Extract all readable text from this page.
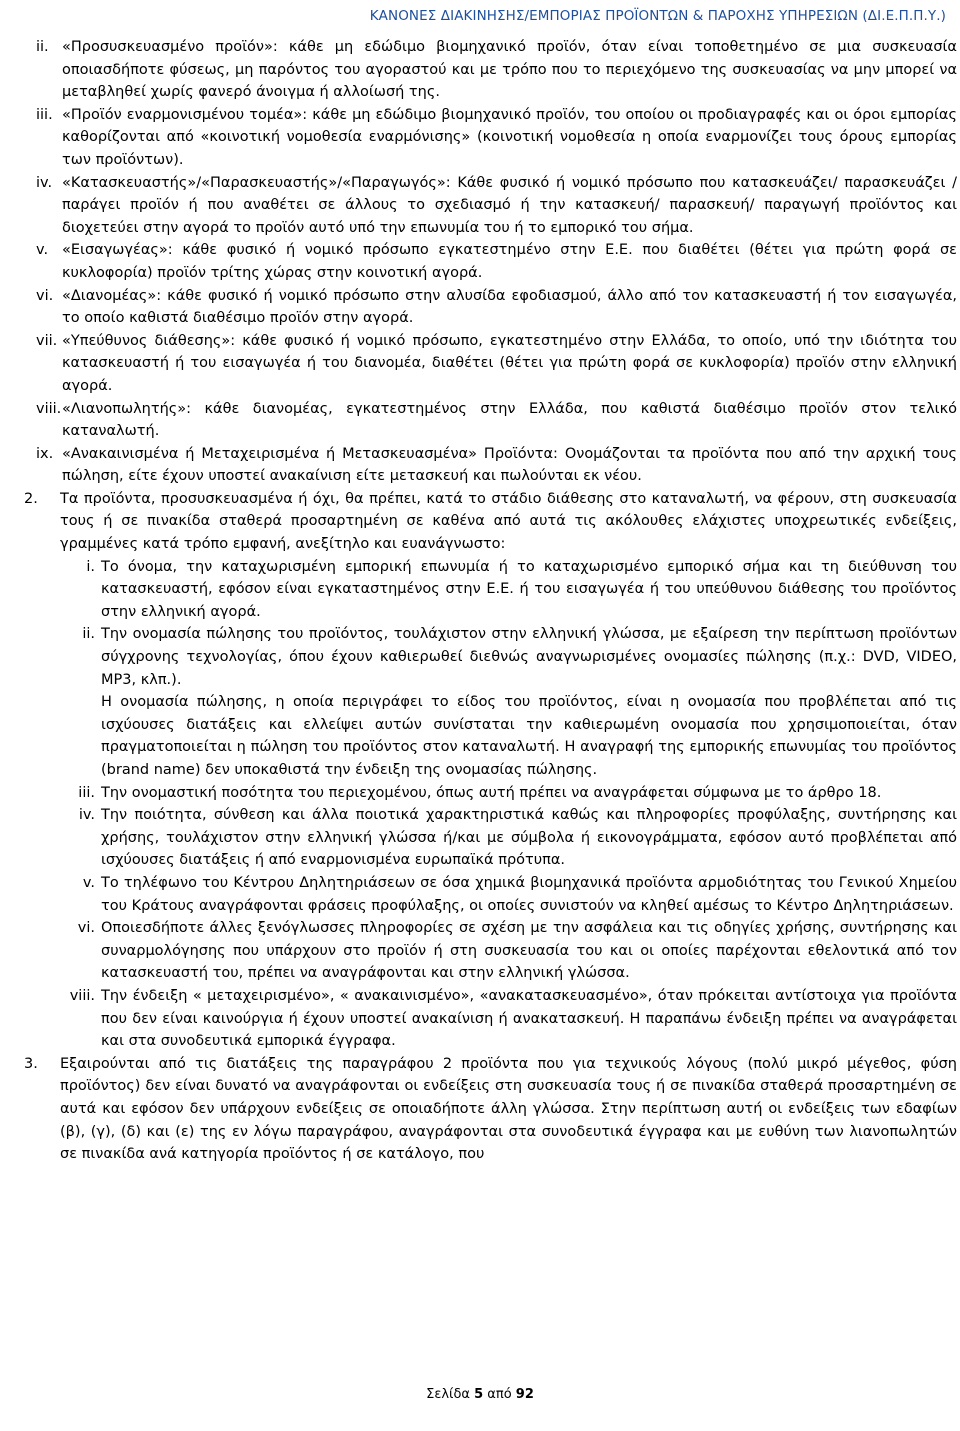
ΚΑΝΟΝΕΣ ΔΙΑΚΙΝΗΣΗΣ/ΕΜΠΟΡΙΑΣ ΠΡΟΪΟΝΤΩΝ & ΠΑΡΟΧΗΣ ΥΠΗΡΕΣΙΩΝ (ΔΙ.Ε.Π.Π.Υ.)
ii. «Προσυσκευασμένο προϊόν»: κάθε μη εδώδιμο βιομηχανικό προϊόν, όταν είναι τοποθετημένο σε μια συσκευασία οποιασδήποτε φύσεως, μη παρόντος του αγοραστού και με τρόπο που το περιεχόμενο της συσκευασίας να μην μπορεί να μεταβληθεί χωρίς φανερό άνοιγμα ή αλλοίωσή της.
iii. «Προϊόν εναρμονισμένου τομέα»: κάθε μη εδώδιμο βιομηχανικό προϊόν, του οποίου οι προδιαγραφές και οι όροι εμπορίας καθορίζονται από «κοινοτική νομοθεσία εναρμόνισης» (κοινοτική νομοθεσία η οποία εναρμονίζει τους όρους εμπορίας των προϊόντων).
iv. «Κατασκευαστής»/«Παρασκευαστής»/«Παραγωγός»: Κάθε φυσικό ή νομικό πρόσωπο που κατασκευάζει/ παρασκευάζει /παράγει προϊόν ή που αναθέτει σε άλλους το σχεδιασμό ή την κατασκευή/ παρασκευή/ παραγωγή προϊόντος και διοχετεύει στην αγορά το προϊόν αυτό υπό την επωνυμία του ή το εμπορικό του σήμα.
v. «Εισαγωγέας»: κάθε φυσικό ή νομικό πρόσωπο εγκατεστημένο στην Ε.Ε. που διαθέτει (θέτει για πρώτη φορά σε κυκλοφορία) προϊόν τρίτης χώρας στην κοινοτική αγορά.
vi. «Διανομέας»: κάθε φυσικό ή νομικό πρόσωπο στην αλυσίδα εφοδιασμού, άλλο από τον κατασκευαστή ή τον εισαγωγέα, το οποίο καθιστά διαθέσιμο προϊόν στην αγορά.
vii. «Υπεύθυνος διάθεσης»: κάθε φυσικό ή νομικό πρόσωπο, εγκατεστημένο στην Ελλάδα, το οποίο, υπό την ιδιότητα του κατασκευαστή ή του εισαγωγέα ή του διανομέα, διαθέτει (θέτει για πρώτη φορά σε κυκλοφορία) προϊόν στην ελληνική αγορά.
viii. «Λιανοπωλητής»: κάθε διανομέας, εγκατεστημένος στην Ελλάδα, που καθιστά διαθέσιμο προϊόν στον τελικό καταναλωτή.
ix. «Ανακαινισμένα ή Μεταχειρισμένα ή Μετασκευασμένα» Προϊόντα: Ονομάζονται τα προϊόντα που από την αρχική τους πώληση, είτε έχουν υποστεί ανακαίνιση είτε μετασκευή και πωλούνται εκ νέου.
2.	Τα προϊόντα, προσυσκευασμένα ή όχι, θα πρέπει, κατά το στάδιο διάθεσης στο καταναλωτή, να φέρουν, στη συσκευασία τους ή σε πινακίδα σταθερά προσαρτημένη σε καθένα από αυτά τις ακόλουθες ελάχιστες υποχρεωτικές ενδείξεις, γραμμένες κατά τρόπο εμφανή, ανεξίτηλο και ευανάγνωστο:
i. Το όνομα, την καταχωρισμένη εμπορική επωνυμία ή το καταχωρισμένο εμπορικό σήμα και τη διεύθυνση του κατασκευαστή, εφόσον είναι εγκαταστημένος στην Ε.Ε. ή του εισαγωγέα ή του υπεύθυνου διάθεσης του προϊόντος στην ελληνική αγορά.
ii. Την ονομασία πώλησης του προϊόντος, τουλάχιστον στην ελληνική γλώσσα, με εξαίρεση την περίπτωση προϊόντων σύγχρονης τεχνολογίας, όπου έχουν καθιερωθεί διεθνώς αναγνωρισμένες ονομασίες πώλησης (π.χ.: DVD, VIDEO, MP3, κλπ.).
Η ονομασία πώλησης, η οποία περιγράφει το είδος του προϊόντος, είναι η ονομασία που προβλέπεται από τις ισχύουσες διατάξεις και ελλείψει αυτών συνίσταται την καθιερωμένη ονομασία που χρησιμοποιείται, όταν πραγματοποιείται η πώληση του προϊόντος στον καταναλωτή. Η αναγραφή της εμπορικής επωνυμίας του προϊόντος (brand name) δεν υποκαθιστά την ένδειξη της ονομασίας πώλησης.
iii. Την ονομαστική ποσότητα του περιεχομένου, όπως αυτή πρέπει να αναγράφεται σύμφωνα με το άρθρο 18.
iv. Την ποιότητα, σύνθεση και άλλα ποιοτικά χαρακτηριστικά καθώς και πληροφορίες προφύλαξης, συντήρησης και χρήσης, τουλάχιστον στην ελληνική γλώσσα ή/και με σύμβολα ή εικονογράμματα, εφόσον αυτό προβλέπεται από ισχύουσες διατάξεις ή από εναρμονισμένα ευρωπαϊκά πρότυπα.
v. Το τηλέφωνο του Κέντρου Δηλητηριάσεων σε όσα χημικά βιομηχανικά προϊόντα αρμοδιότητας του Γενικού Χημείου του Κράτους αναγράφονται φράσεις προφύλαξης, οι οποίες συνιστούν να κληθεί αμέσως το Κέντρο Δηλητηριάσεων.
vi. Οποιεσδήποτε άλλες ξενόγλωσσες πληροφορίες σε σχέση με την ασφάλεια και τις οδηγίες χρήσης, συντήρησης και συναρμολόγησης που υπάρχουν στο προϊόν ή στη συσκευασία του και οι οποίες παρέχονται εθελοντικά από τον κατασκευαστή του, πρέπει να αναγράφονται και στην ελληνική γλώσσα.
viii. Την ένδειξη « μεταχειρισμένο», « ανακαινισμένο», «ανακατασκευασμένο», όταν πρόκειται αντίστοιχα για προϊόντα που δεν είναι καινούργια ή έχουν υποστεί ανακαίνιση ή ανακατασκευή. Η παραπάνω ένδειξη πρέπει να αναγράφεται και στα συνοδευτικά εμπορικά έγγραφα.
3.	Εξαιρούνται από τις διατάξεις της παραγράφου 2 προϊόντα που για τεχνικούς λόγους (πολύ μικρό μέγεθος, φύση προϊόντος) δεν είναι δυνατό να αναγράφονται οι ενδείξεις στη συσκευασία τους ή σε πινακίδα σταθερά προσαρτημένη σε αυτά και εφόσον δεν υπάρχουν ενδείξεις σε οποιαδήποτε άλλη γλώσσα. Στην περίπτωση αυτή οι ενδείξεις των εδαφίων (β), (γ), (δ) και (ε) της εν λόγω παραγράφου, αναγράφονται στα συνοδευτικά έγγραφα και με ευθύνη των λιανοπωλητών σε πινακίδα ανά κατηγορία προϊόντος ή σε κατάλογο, που
Σελίδα 5 από 92
